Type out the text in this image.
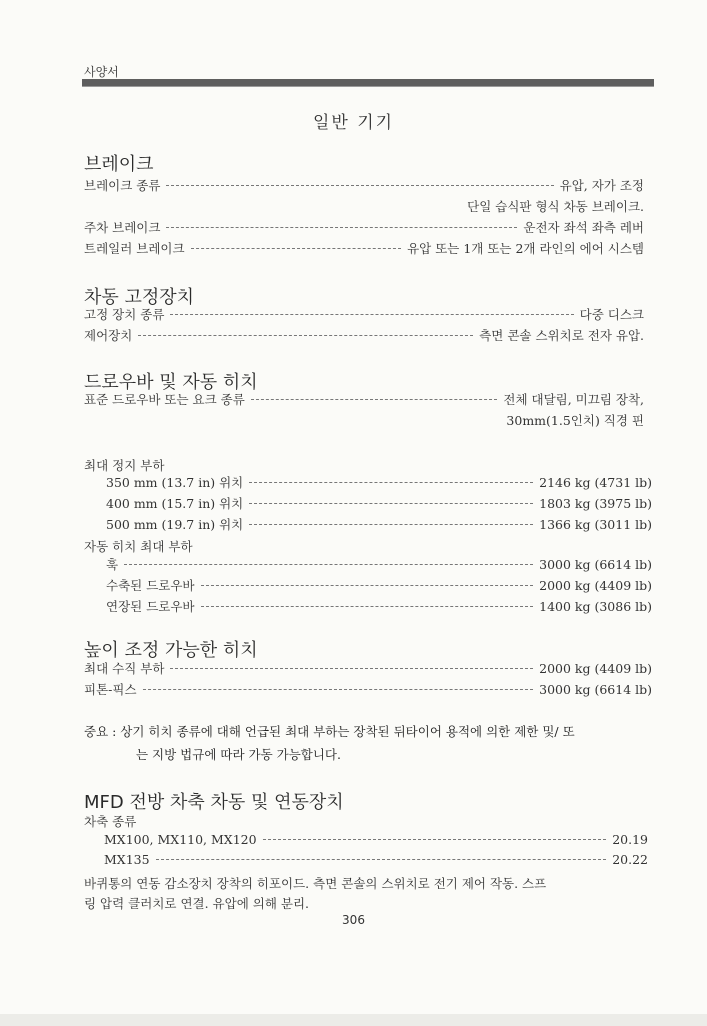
사양서
일반 기기
브레이크
브레이크 종류	유압, 자가 조정
단일 습식판 형식 차동 브레이크.
주차 브레이크	운전자 좌석 좌측 레버
트레일러 브레이크	유압 또는 1개 또는 2개 라인의 에어 시스템
차동 고정장치
고정 장치 종류	다중 디스크
제어장치	측면 콘솔 스위치로 전자 유압.
드로우바 및 자동 히치
표준 드로우바 또는 요크 종류	전체 대달림, 미끄림 장착,
30mm(1.5인치) 직경 핀
최대 정지 부하
350 mm (13.7 in) 위치	2146 kg (4731 lb)
400 mm (15.7 in) 위치	1803 kg (3975 lb)
500 mm (19.7 in) 위치	1366 kg (3011 lb)
자동 히치 최대 부하
훅	3000 kg (6614 lb)
수축된 드로우바	2000 kg (4409 lb)
연장된 드로우바	1400 kg (3086 lb)
높이 조정 가능한 히치
최대 수직 부하	2000 kg (4409 lb)
피톤-픽스	3000 kg (6614 lb)
중요 : 상기 히치 종류에 대해 언급된 최대 부하는 장착된 뒤타이어 용적에 의한 제한 및/ 또
는 지방 법규에 따라 가동 가능합니다.
MFD 전방 차축 차동 및 연동장치
차축 종류
MX100, MX110, MX120	20.19
MX135	20.22
바퀴통의 연동 감소장치 장착의 히포이드. 측면 콘솔의 스위치로 전기 제어 작동. 스프
링 압력 클러치로 연결. 유압에 의해 분리.
306
